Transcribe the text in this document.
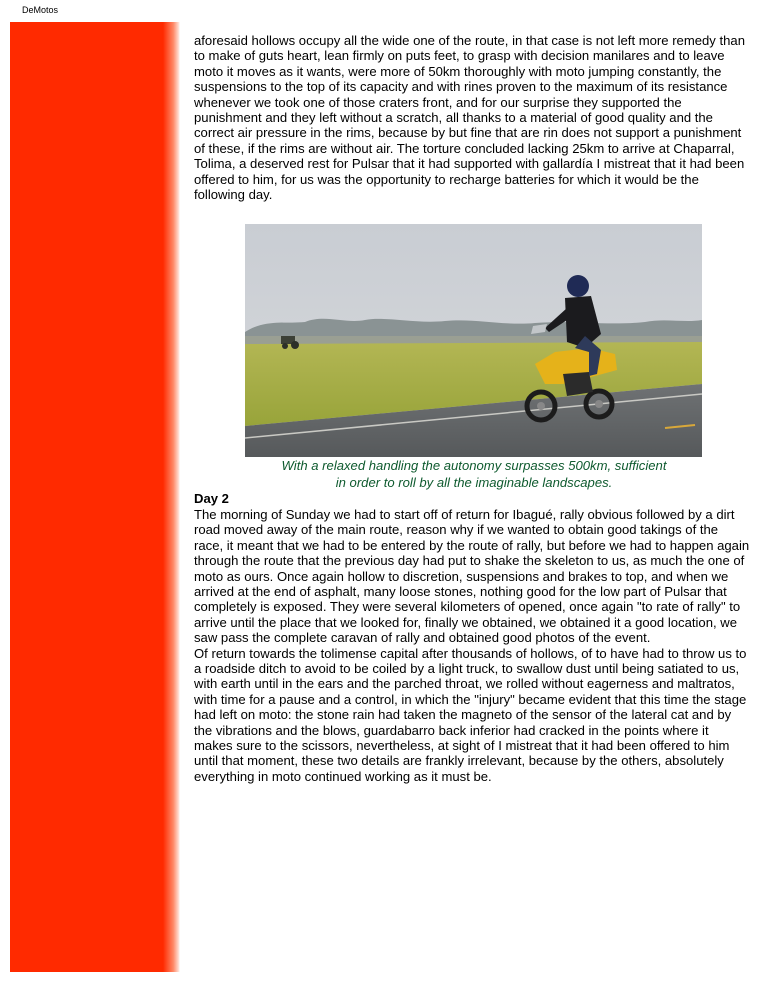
DeMotos

aforesaid hollows occupy all the wide one of the route, in that case is not left more remedy than to make of guts heart, lean firmly on puts feet, to grasp with decision manilares and to leave moto it moves as it wants, were more of 50km thoroughly with moto jumping constantly, the suspensions to the top of its capacity and with rines proven to the maximum of its resistance whenever we took one of those craters front, and for our surprise they supported the punishment and they left without a scratch, all thanks to a material of good quality and the correct air pressure in the rims, because by but fine that are rin does not support a punishment of these, if the rims are without air. The torture concluded lacking 25km to arrive at Chaparral, Tolima, a deserved rest for Pulsar that it had supported with gallardía I mistreat that it had been offered to him, for us was the opportunity to recharge batteries for which it would be the following day.

With a relaxed handling the autonomy surpasses 500km, sufficient
in order to roll by all the imaginable landscapes.

Day 2

The morning of Sunday we had to start off of return for Ibagué, rally obvious followed by a dirt road moved away of the main route, reason why if we wanted to obtain good takings of the race, it meant that we had to be entered by the route of rally, but before we had to happen again through the route that the previous day had put to shake the skeleton to us, as much the one of moto as ours. Once again hollow to discretion, suspensions and brakes to top, and when we arrived at the end of asphalt, many loose stones, nothing good for the low part of Pulsar that completely is exposed. They were several kilometers of opened, once again "to rate of rally" to arrive until the place that we looked for, finally we obtained, we obtained it a good location, we saw pass the complete caravan of rally and obtained good photos of the event.

Of return towards the tolimense capital after thousands of hollows, of to have had to throw us to a roadside ditch to avoid to be coiled by a light truck, to swallow dust until being satiated to us, with earth until in the ears and the parched throat, we rolled without eagerness and maltratos, with time for a pause and a control, in which the "injury" became evident that this time the stage had left on moto: the stone rain had taken the magneto of the sensor of the lateral cat and by the vibrations and the blows, guardabarro back inferior had cracked in the points where it makes sure to the scissors, nevertheless, at sight of I mistreat that it had been offered to him until that moment, these two details are frankly irrelevant, because by the others, absolutely everything in moto continued working as it must be.
